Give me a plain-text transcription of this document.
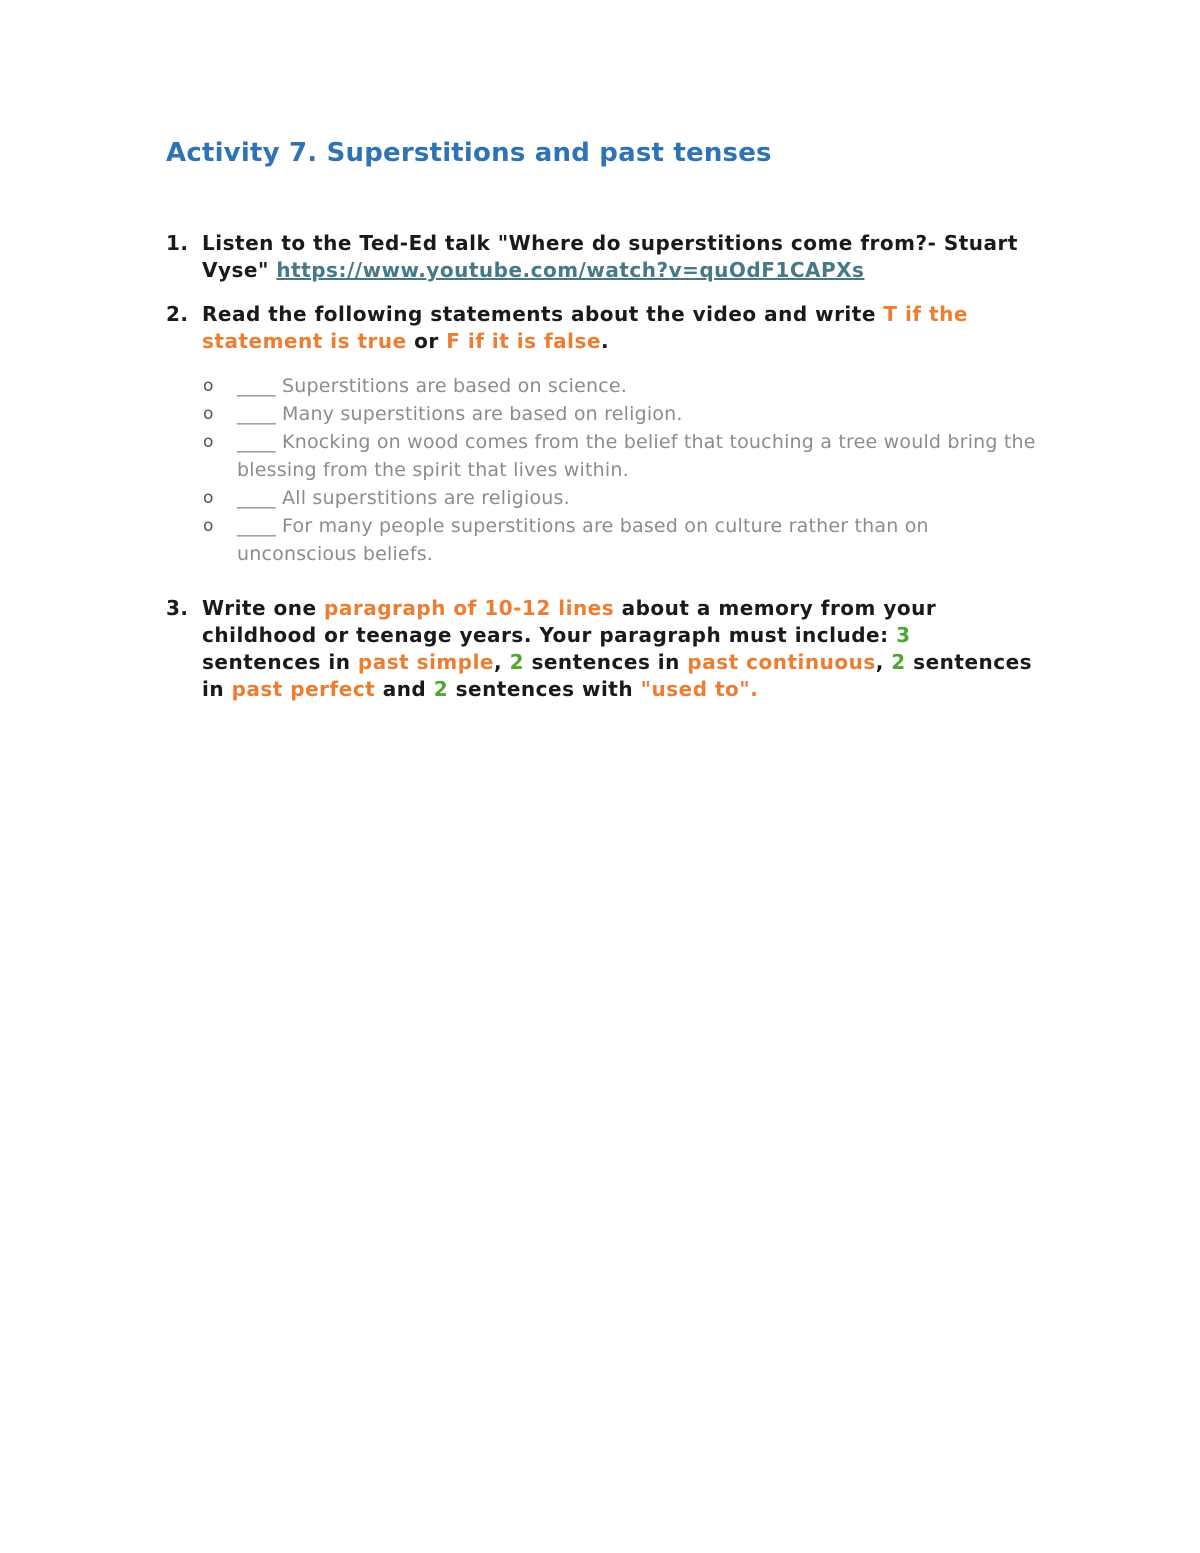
Activity 7. Superstitions and past tenses
1. Listen to the Ted-Ed talk "Where do superstitions come from?- Stuart Vyse" https://www.youtube.com/watch?v=quOdF1CAPXs
2. Read the following statements about the video and write T if the statement is true or F if it is false.
o ____ Superstitions are based on science.
o ____ Many superstitions are based on religion.
o ____ Knocking on wood comes from the belief that touching a tree would bring the blessing from the spirit that lives within.
o ____ All superstitions are religious.
o ____ For many people superstitions are based on culture rather than on unconscious beliefs.
3. Write one paragraph of 10-12 lines about a memory from your childhood or teenage years. Your paragraph must include: 3 sentences in past simple, 2 sentences in past continuous, 2 sentences in past perfect and 2 sentences with "used to".
